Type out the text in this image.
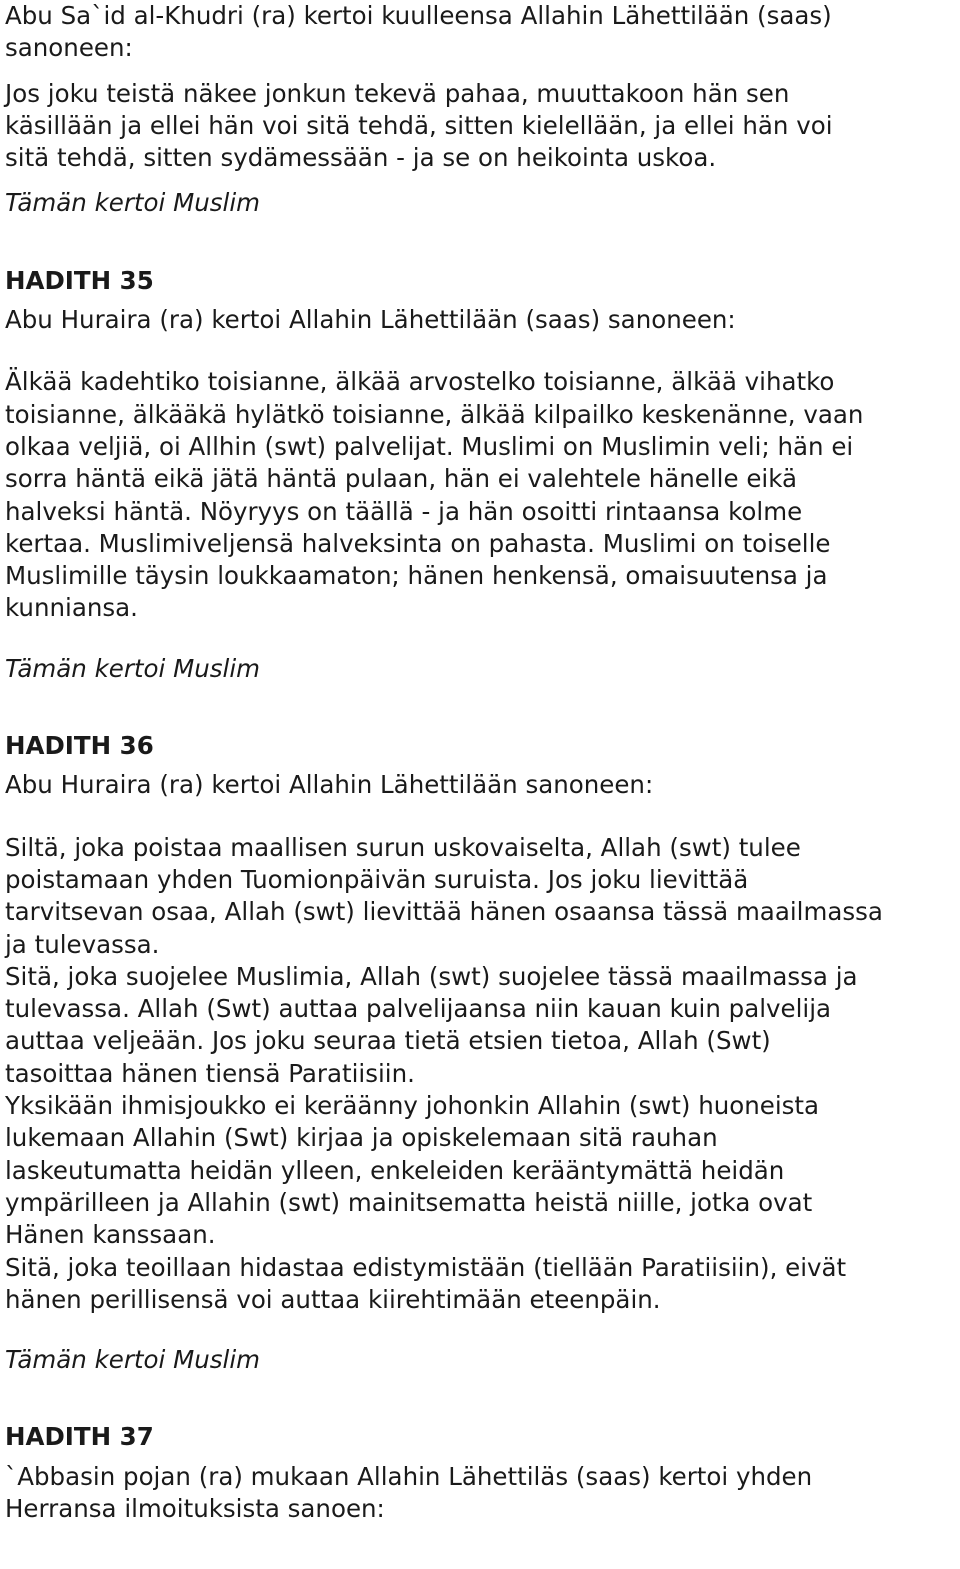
Abu Sa`id al-Khudri (ra) kertoi kuulleensa Allahin Lähettilään (saas)

sanoneen:

Jos joku teistä näkee jonkun tekevä pahaa, muuttakoon hän sen

käsillään ja ellei hän voi sitä tehdä, sitten kielellään, ja ellei hän voi

sitä tehdä, sitten sydämessään - ja se on heikointa uskoa.

Tämän kertoi Muslim

HADITH 35

Abu Huraira (ra) kertoi Allahin Lähettilään (saas) sanoneen:

Älkää kadehtiko toisianne, älkää arvostelko toisianne, älkää vihatko

toisianne, älkääkä hylätkö toisianne, älkää kilpailko keskenänne, vaan

olkaa veljiä, oi Allhin (swt) palvelijat. Muslimi on Muslimin veli; hän ei

sorra häntä eikä jätä häntä pulaan, hän ei valehtele hänelle eikä

halveksi häntä. Nöyryys on täällä - ja hän osoitti rintaansa kolme

kertaa. Muslimiveljensä halveksinta on pahasta. Muslimi on toiselle

Muslimille täysin loukkaamaton; hänen henkensä, omaisuutensa ja

kunniansa.

Tämän kertoi Muslim

HADITH 36

Abu Huraira (ra) kertoi Allahin Lähettilään sanoneen:

Siltä, joka poistaa maallisen surun uskovaiselta, Allah (swt) tulee

poistamaan yhden Tuomionpäivän suruista. Jos joku lievittää

tarvitsevan osaa, Allah (swt) lievittää hänen osaansa tässä maailmassa

ja tulevassa.

Sitä, joka suojelee Muslimia, Allah (swt) suojelee tässä maailmassa ja

tulevassa. Allah (Swt) auttaa palvelijaansa niin kauan kuin palvelija

auttaa veljeään. Jos joku seuraa tietä etsien tietoa, Allah (Swt)

tasoittaa hänen tiensä Paratiisiin.

Yksikään ihmisjoukko ei keräänny johonkin Allahin (swt) huoneista

lukemaan Allahin (Swt) kirjaa ja opiskelemaan sitä rauhan

laskeutumatta heidän ylleen, enkeleiden kerääntymättä heidän

ympärilleen ja Allahin (swt) mainitsematta heistä niille, jotka ovat

Hänen kanssaan.

Sitä, joka teoillaan hidastaa edistymistään (tiellään Paratiisiin), eivät

hänen perillisensä voi auttaa kiirehtimään eteenpäin.

Tämän kertoi Muslim

HADITH 37

`Abbasin pojan (ra) mukaan Allahin Lähettiläs (saas) kertoi yhden

Herransa ilmoituksista sanoen:
